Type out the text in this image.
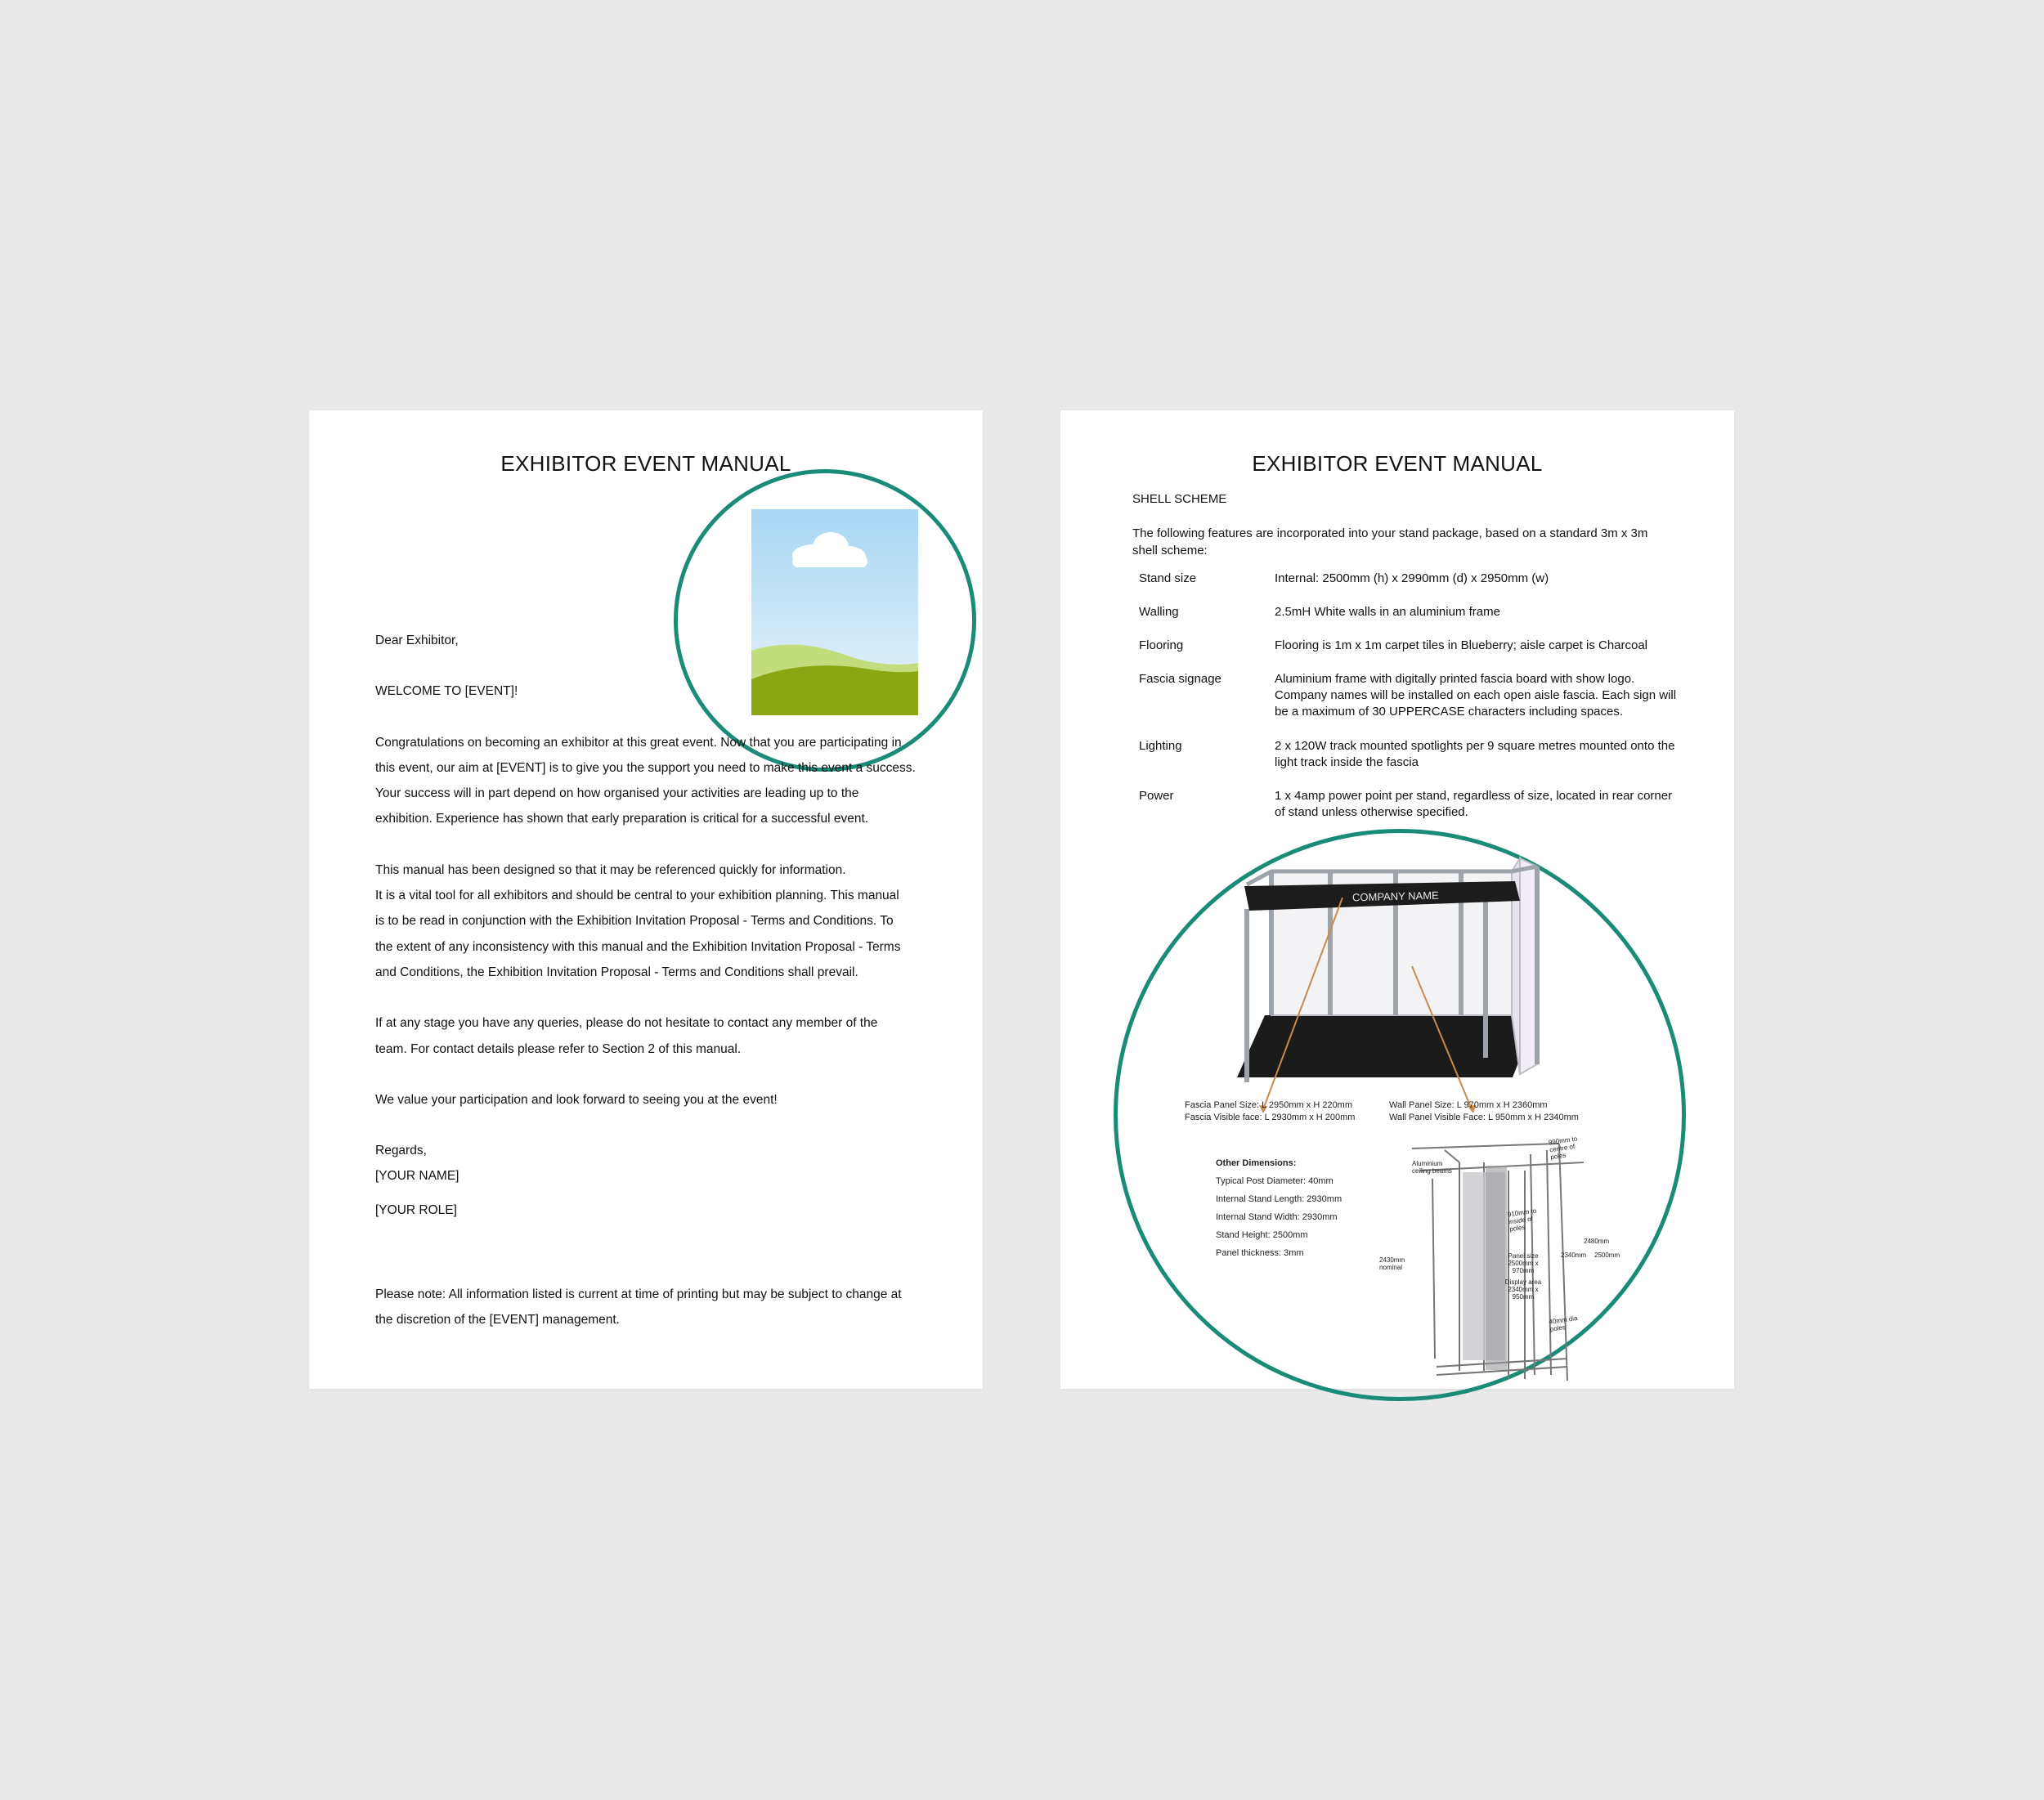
EXHIBITOR EVENT MANUAL

Dear Exhibitor,

WELCOME TO [EVENT]!

Congratulations on becoming an exhibitor at this great event. Now that you are participating in

this event, our aim at [EVENT] is to give you the support you need to make this event a success.

Your success will in part depend on how organised your activities are leading up to the

exhibition. Experience has shown that early preparation is critical for a successful event.

This manual has been designed so that it may be referenced quickly for information.

It is a vital tool for all exhibitors and should be central to your exhibition planning. This manual

is to be read in conjunction with the Exhibition Invitation Proposal - Terms and Conditions. To

the extent of any inconsistency with this manual and the Exhibition Invitation Proposal - Terms

and Conditions, the Exhibition Invitation Proposal - Terms and Conditions shall prevail.

If at any stage you have any queries, please do not hesitate to contact any member of the

team. For contact details please refer to Section 2 of this manual.

We value your participation and look forward to seeing you at the event!

Regards,

[YOUR NAME]

[YOUR ROLE]

Please note: All information listed is current at time of printing but may be subject to change at

the discretion of the [EVENT] management.

EXHIBITOR EVENT MANUAL
SHELL SCHEME
The following features are incorporated into your stand package, based on a standard 3m x 3m shell scheme:
Stand size	Internal: 2500mm (h) x 2990mm (d) x 2950mm (w)
Walling	2.5mH White walls in an aluminium frame
Flooring	Flooring is 1m x 1m carpet tiles in Blueberry; aisle carpet is Charcoal
Fascia signage	Aluminium frame with digitally printed fascia board with show logo. Company names will be installed on each open aisle fascia. Each sign will be a maximum of 30 UPPERCASE characters including spaces.
Lighting	2 x 120W track mounted spotlights per 9 square metres mounted onto the light track inside the fascia
Power	1 x 4amp power point per stand, regardless of size, located in rear corner of stand unless otherwise specified.
COMPANY NAME
Fascia Panel Size: L 2950mm x H 220mm
Fascia Visible face: L 2930mm x H 200mm
Wall Panel Size: L 970mm x H 2360mm
Wall Panel Visible Face: L 950mm x H 2340mm
Other Dimensions:
Typical Post Diameter: 40mm
Internal Stand Length: 2930mm
Internal Stand Width: 2930mm
Stand Height: 2500mm
Panel thickness: 3mm
Aluminium ceiling beams
990mm to centre of poles
910mm to inside of poles
Panel size 2500mm x 970mm
Display area 2340mm x 950mm
2430mm nominal
2480mm
2340mm 2500mm
40mm dia poles
